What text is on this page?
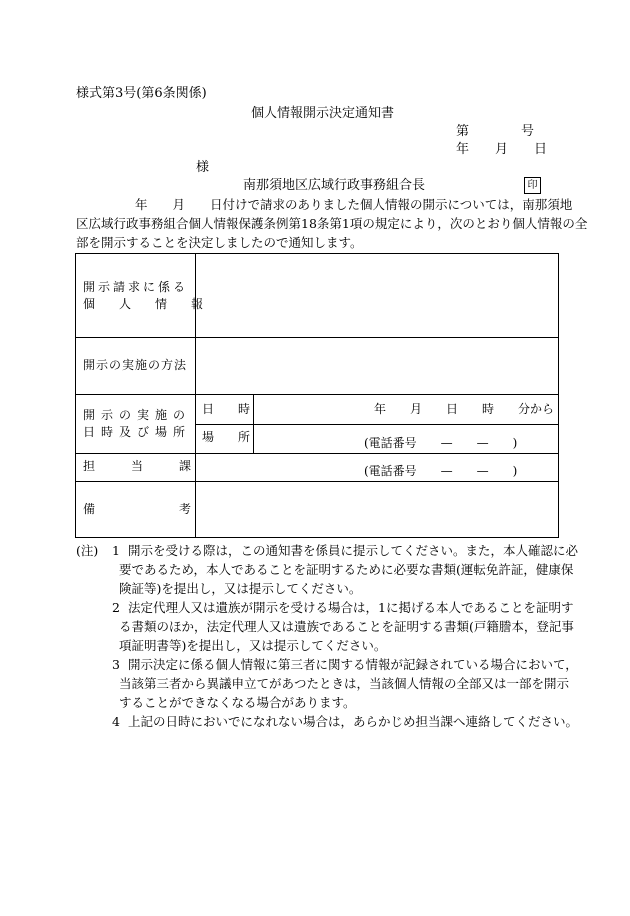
様式第3号(第6条関係)
個人情報開示決定通知書
第　　　　号
年　　月　　日
様
南那須地区広域行政事務組合長	印
年　　月　　日付けで請求のありました個人情報の開示については，南那須地
区広域行政事務組合個人情報保護条例第18条第1項の規定により，次のとおり個人情報の全
部を開示することを決定しましたので通知します。
開示請求に係る
個　　人　　情　　報
開示の実施の方法
開示の実施の
日時及び場所
日　　時	年　　月　　日　　時　　分から
場　　所	(電話番号　　—　　—　　)
担　　　当　　　課	(電話番号　　—　　—　　)
備　　　　　　　考
(注) 1 開示を受ける際は，この通知書を係員に提示してください。また，本人確認に必
要であるため，本人であることを証明するために必要な書類(運転免許証，健康保
険証等)を提出し，又は提示してください。
2 法定代理人又は遺族が開示を受ける場合は，1に掲げる本人であることを証明す
る書類のほか，法定代理人又は遺族であることを証明する書類(戸籍謄本，登記事
項証明書等)を提出し，又は提示してください。
3 開示決定に係る個人情報に第三者に関する情報が記録されている場合において，
当該第三者から異議申立てがあつたときは，当該個人情報の全部又は一部を開示
することができなくなる場合があります。
4 上記の日時においでになれない場合は，あらかじめ担当課へ連絡してください。
